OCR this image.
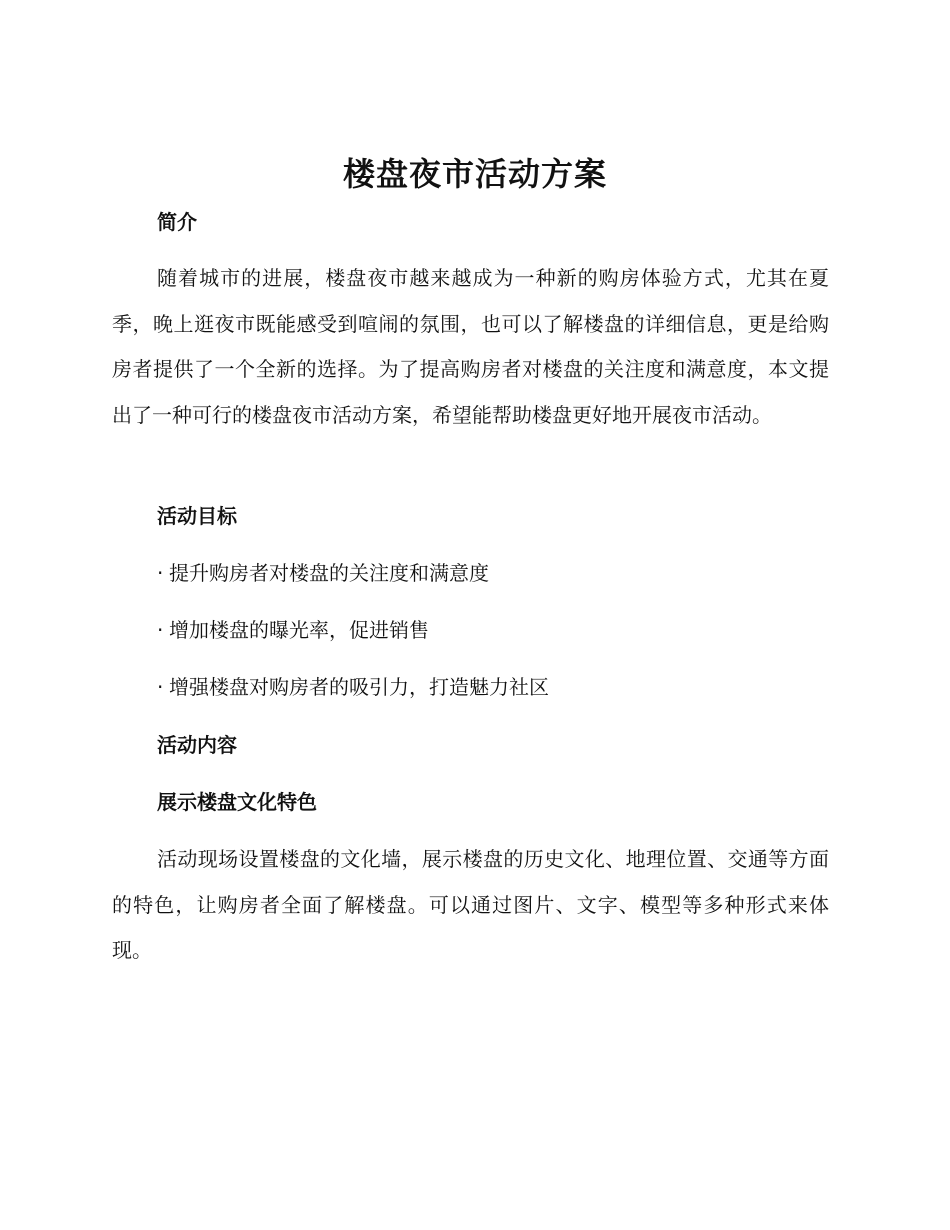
楼盘夜市活动方案
简介
随着城市的进展，楼盘夜市越来越成为一种新的购房体验方式，尤其在夏季，晚上逛夜市既能感受到喧闹的氛围，也可以了解楼盘的详细信息，更是给购房者提供了一个全新的选择。为了提高购房者对楼盘的关注度和满意度，本文提出了一种可行的楼盘夜市活动方案，希望能帮助楼盘更好地开展夜市活动。
活动目标
· 提升购房者对楼盘的关注度和满意度
· 增加楼盘的曝光率，促进销售
· 增强楼盘对购房者的吸引力，打造魅力社区
活动内容
展示楼盘文化特色
活动现场设置楼盘的文化墙，展示楼盘的历史文化、地理位置、交通等方面的特色，让购房者全面了解楼盘。可以通过图片、文字、模型等多种形式来体现。
